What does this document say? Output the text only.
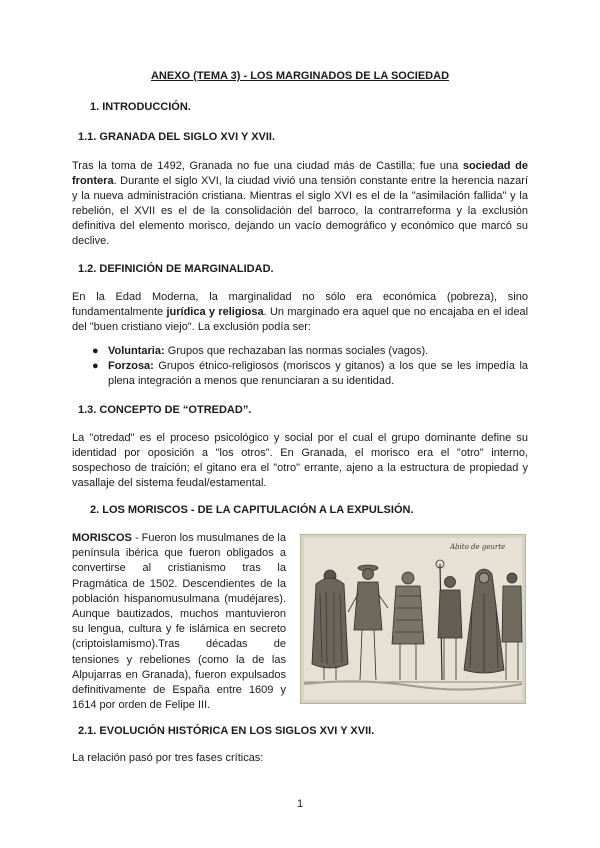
ANEXO (TEMA 3) - LOS MARGINADOS DE LA SOCIEDAD
1. INTRODUCCIÓN.
1.1. GRANADA DEL SIGLO XVI Y XVII.

Tras la toma de 1492, Granada no fue una ciudad más de Castilla; fue una sociedad de frontera. Durante el siglo XVI, la ciudad vivió una tensión constante entre la herencia nazarí y la nueva administración cristiana. Mientras el siglo XVI es el de la "asimilación fallida" y la rebelión, el XVII es el de la consolidación del barroco, la contrarreforma y la exclusión definitiva del elemento morisco, dejando un vacío demográfico y económico que marcó su declive.

1.2. DEFINICIÓN DE MARGINALIDAD.

En la Edad Moderna, la marginalidad no sólo era económica (pobreza), sino fundamentalmente jurídica y religiosa. Un marginado era aquel que no encajaba en el ideal del "buen cristiano viejo". La exclusión podía ser:

● Voluntaria: Grupos que rechazaban las normas sociales (vagos).
● Forzosa: Grupos étnico-religiosos (moriscos y gitanos) a los que se les impedía la plena integración a menos que renunciaran a su identidad.
1.3. CONCEPTO DE “OTREDAD”.

La "otredad" es el proceso psicológico y social por el cual el grupo dominante define su identidad por oposición a "los otros". En Granada, el morisco era el "otro" interno, sospechoso de traición; el gitano era el "otro" errante, ajeno a la estructura de propiedad y vasallaje del sistema feudal/estamental.

2. LOS MORISCOS - DE LA CAPITULACIÓN A LA EXPULSIÓN.

MORISCOS - Fueron los musulmanes de la península ibérica que fueron obligados a convertirse al cristianismo tras la Pragmática de 1502. Descendientes de la población hispanomusulmana (mudéjares). Aunque bautizados, muchos mantuvieron su lengua, cultura y fe islámica en secreto (criptoislamismo).Tras décadas de tensiones y rebeliones (como la de las Alpujarras en Granada), fueron expulsados definitivamente de España entre 1609 y 1614 por orden de Felipe III.

Abito de geurte
2.1. EVOLUCIÓN HISTÓRICA EN LOS SIGLOS XVI Y XVII.

La relación pasó por tres fases críticas:

1
